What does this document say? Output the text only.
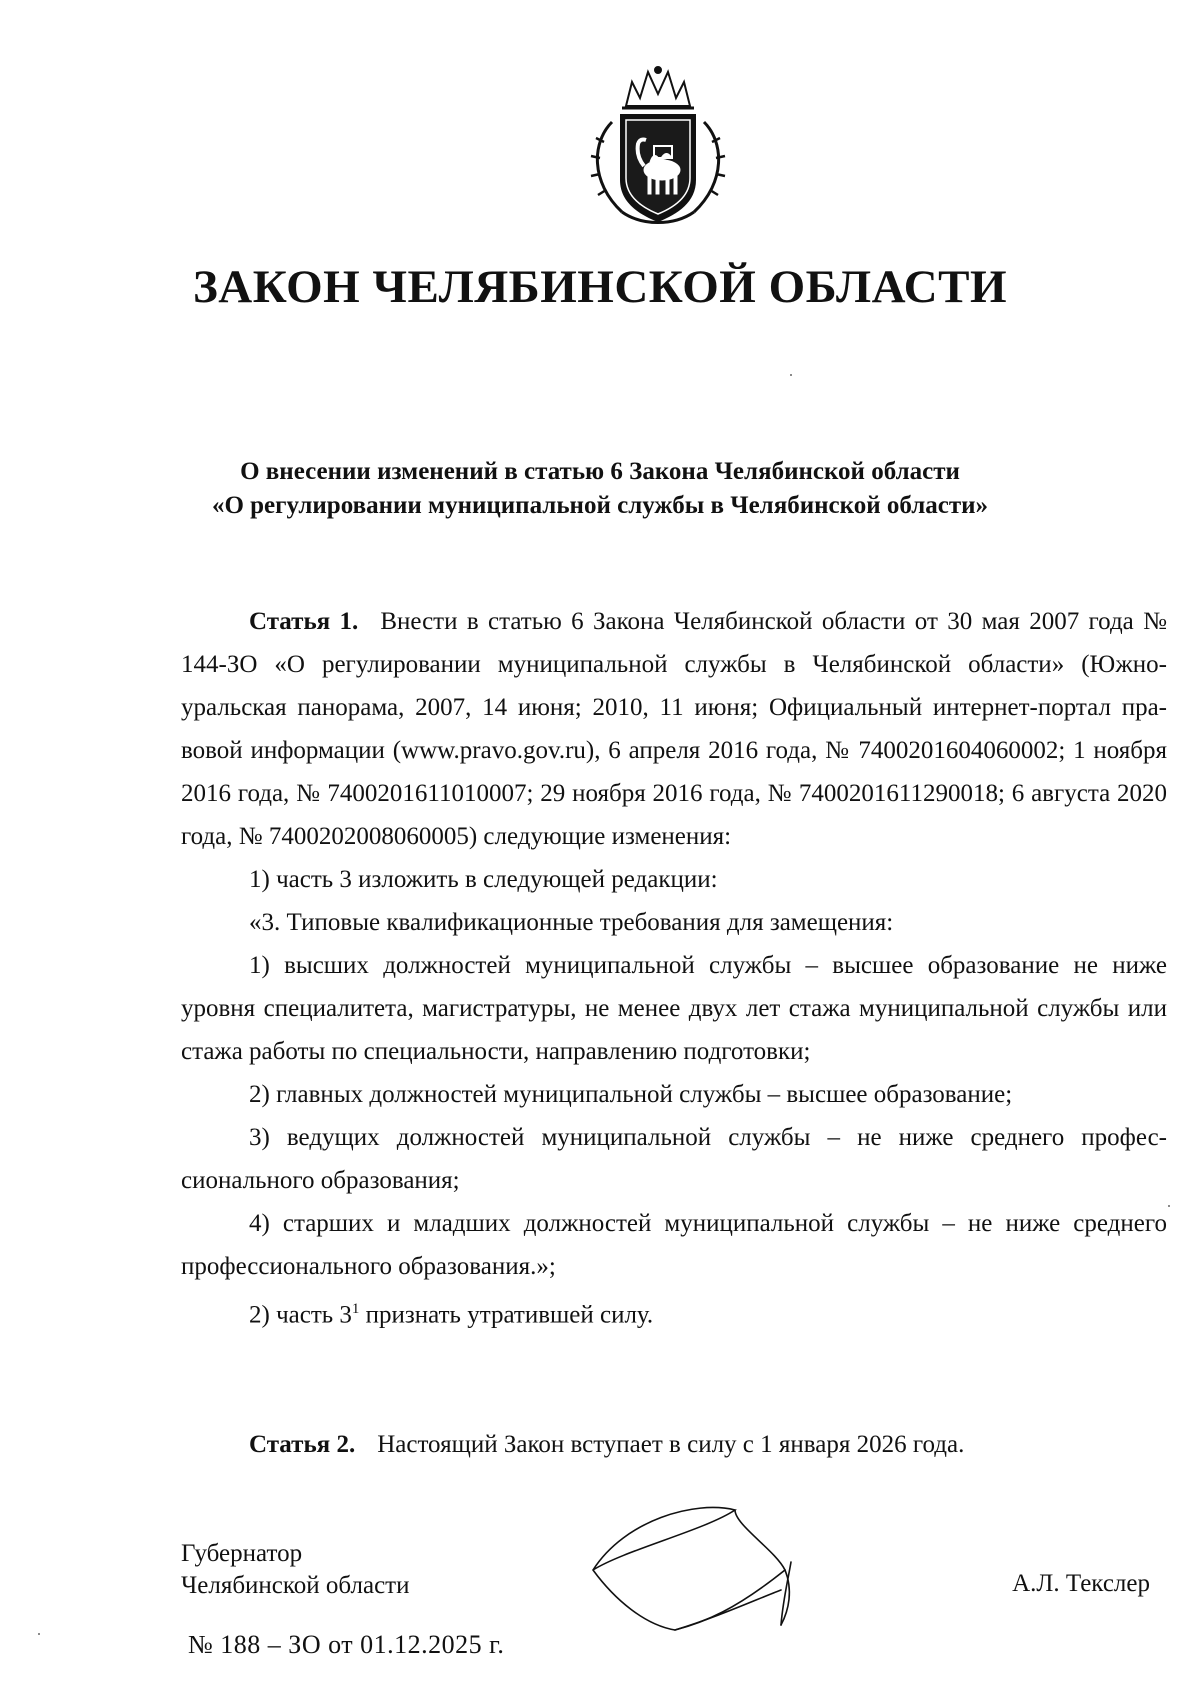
ЗАКОН ЧЕЛЯБИНСКОЙ ОБЛАСТИ
О внесении изменений в статью 6 Закона Челябинской области
«О регулировании муниципальной службы в Челябинской области»

Статья 1. Внести в статью 6 Закона Челябинской области от 30 мая 2007 года № 144-ЗО «О регулировании муниципальной службы в Челябинской области» (Южноуральская панорама, 2007, 14 июня; 2010, 11 июня; Официальный интернет-портал правовой информации (www.pravo.gov.ru), 6 апреля 2016 года, № 7400201604060002; 1 ноября 2016 года, № 7400201611010007; 29 ноября 2016 года, № 7400201611290018; 6 августа 2020 года, № 7400202008060005) следующие изменения:

1) часть 3 изложить в следующей редакции:

«3. Типовые квалификационные требования для замещения:

1) высших должностей муниципальной службы – высшее образование не ниже уровня специалитета, магистратуры, не менее двух лет стажа муниципальной службы или стажа работы по специальности, направлению подготовки;

2) главных должностей муниципальной службы – высшее образование;

3) ведущих должностей муниципальной службы – не ниже среднего профессионального образования;

4) старших и младших должностей муниципальной службы – не ниже среднего профессионального образования.»;

2) часть $3^1$ признать утратившей силу.

Статья 2. Настоящий Закон вступает в силу с 1 января 2026 года.

Губернатор
Челябинской области	А.Л. Текслер
№ 188 – ЗО от 01.12.2025 г.
